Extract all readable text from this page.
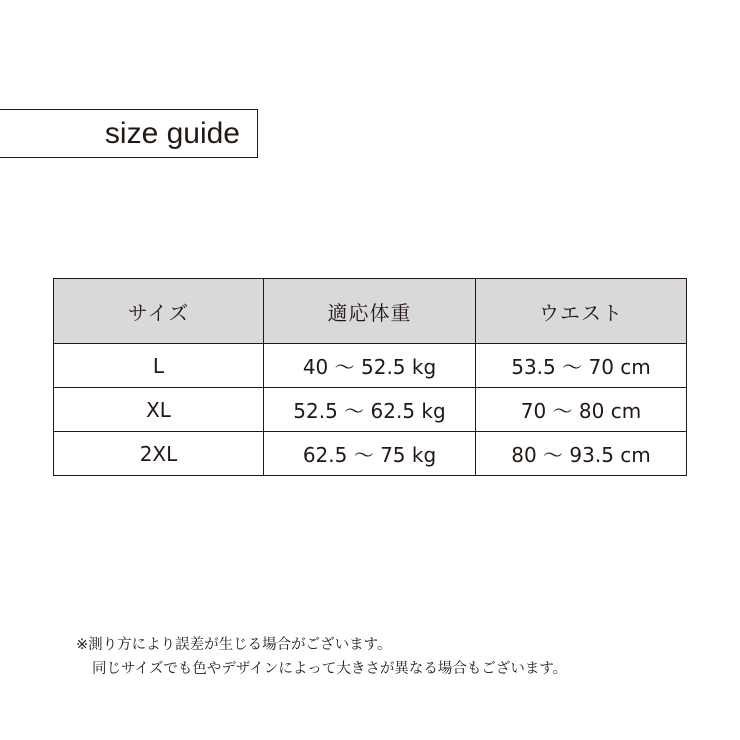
size guide
サイズ	適応体重	ウエスト
L	40 〜 52.5 kg	53.5 〜 70 cm
XL	52.5 〜 62.5 kg	70 〜 80 cm
2XL	62.5 〜 75 kg	80 〜 93.5 cm
※測り方により誤差が生じる場合がございます。
同じサイズでも色やデザインによって大きさが異なる場合もございます。
